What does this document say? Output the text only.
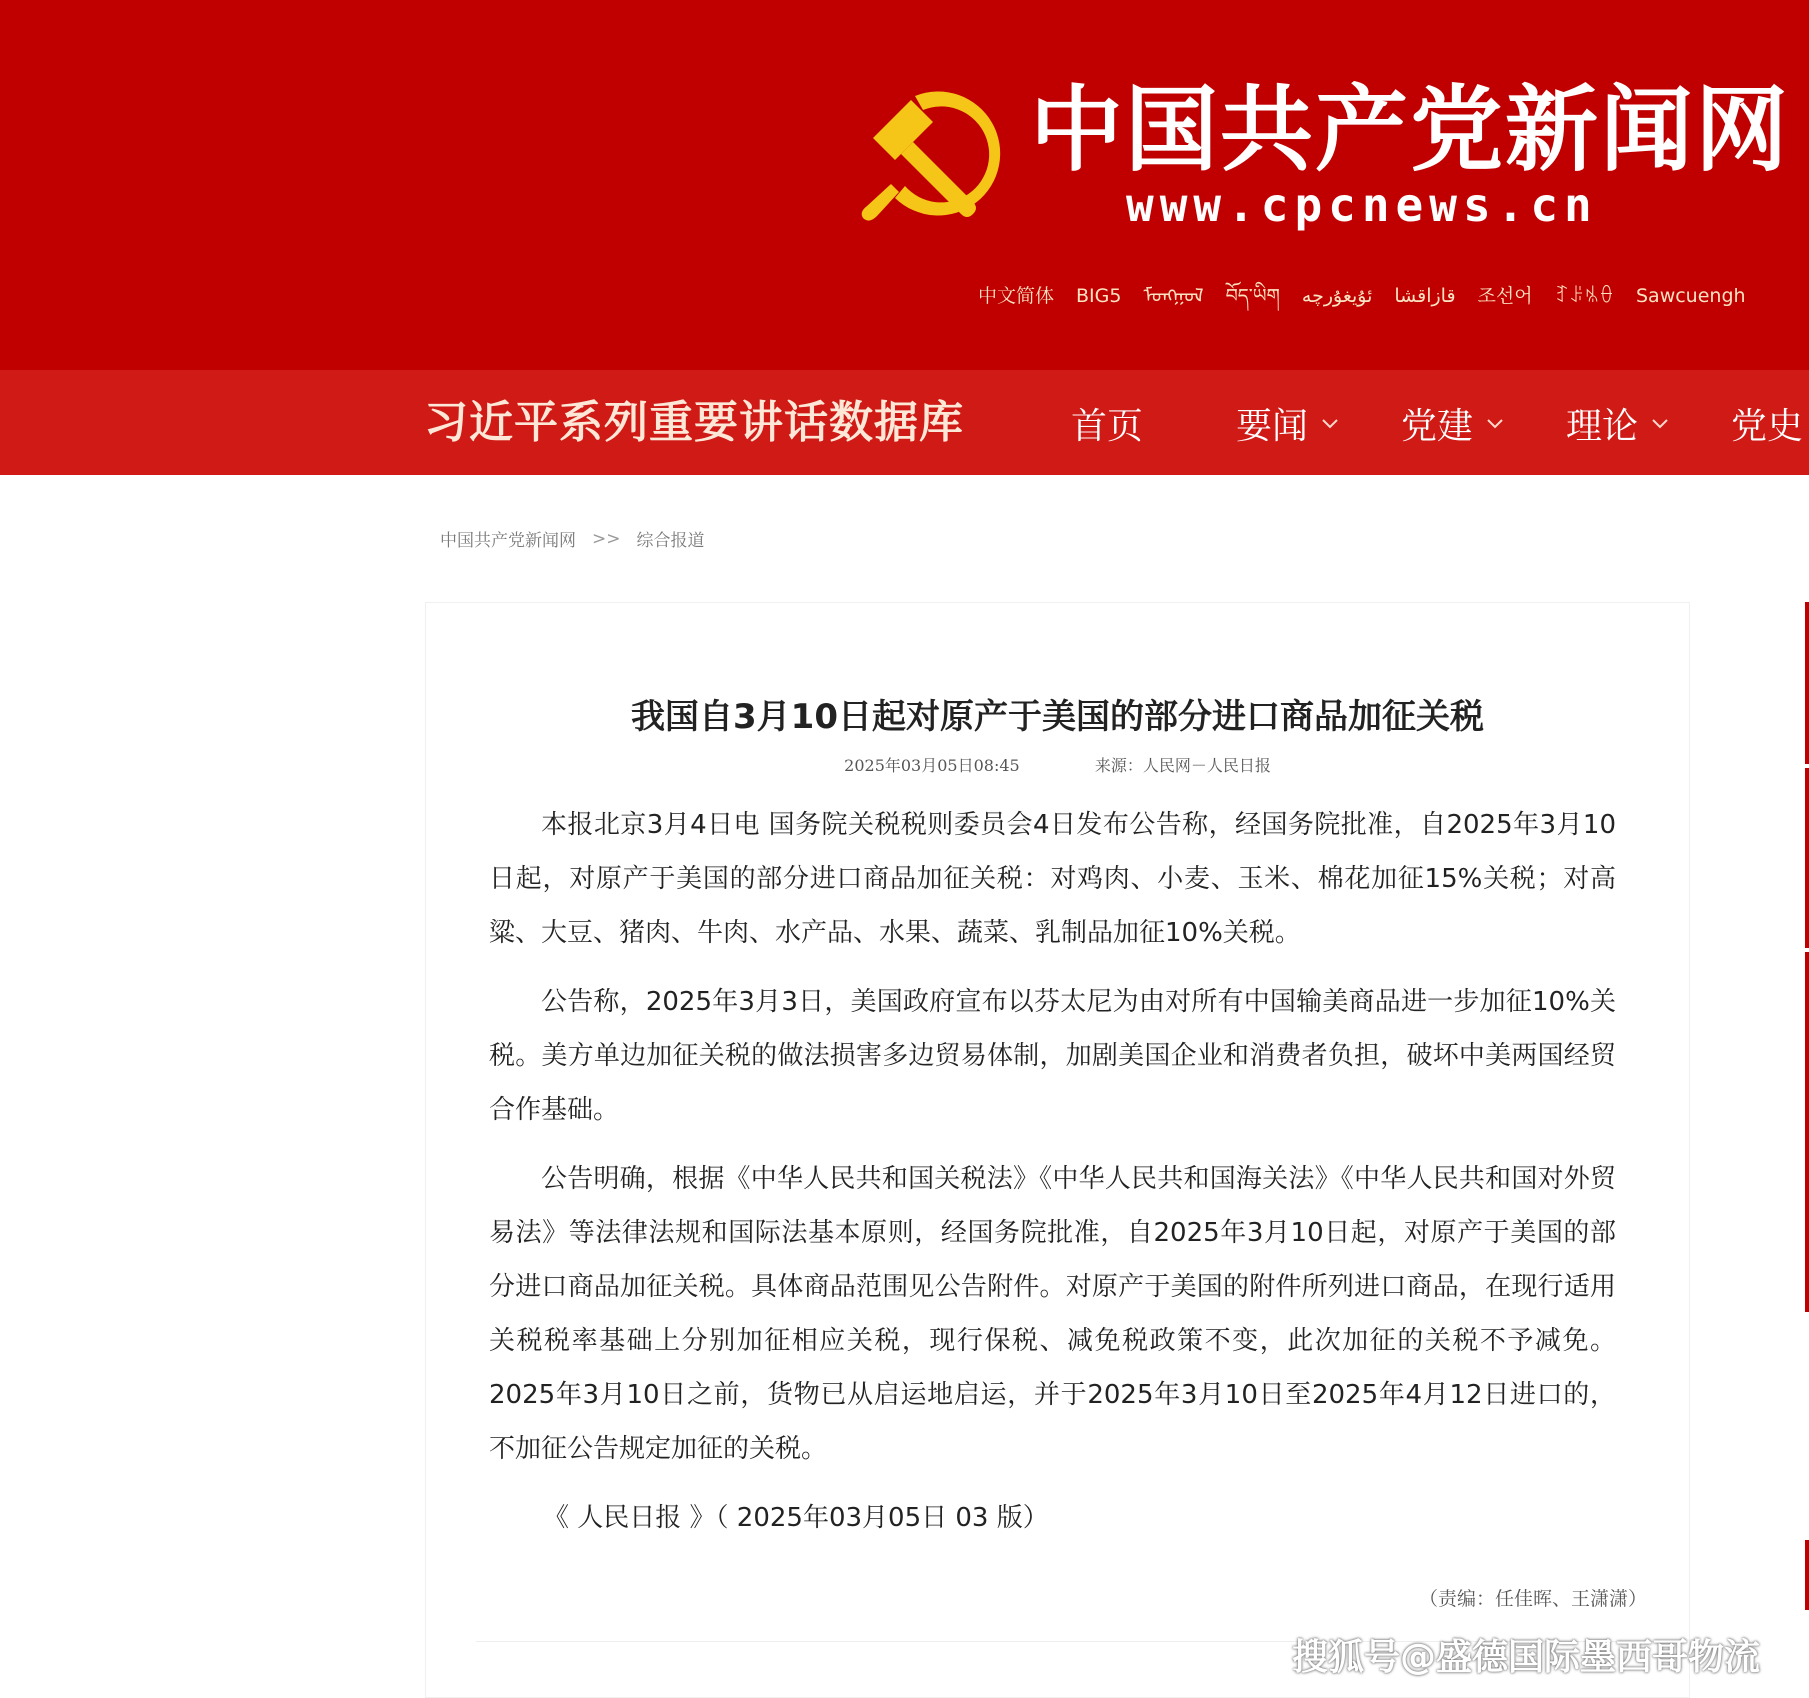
中国共产党新闻网
www.cpcnews.cn
中文简体 BIG5 ᠮᠣᠩᠭᠣᠯ བོད་ཡིག ئۇيغۇرچە قازاقشا 조선어 ꆈꌠꁱꂷ Sawcuengh
习近平系列重要讲话数据库	首页	要闻	党建	理论	党史
中国共产党新闻网 >> 综合报道
我国自3月10日起对原产于美国的部分进口商品加征关税
2025年03月05日08:45	来源：人民网－人民日报

本报北京3月4日电 国务院关税税则委员会4日发布公告称，经国务院批准，自2025年3月10日起，对原产于美国的部分进口商品加征关税：对鸡肉、小麦、玉米、棉花加征15%关税；对高粱、大豆、猪肉、牛肉、水产品、水果、蔬菜、乳制品加征10%关税。

公告称，2025年3月3日，美国政府宣布以芬太尼为由对所有中国输美商品进一步加征10%关税。美方单边加征关税的做法损害多边贸易体制，加剧美国企业和消费者负担，破坏中美两国经贸合作基础。

公告明确，根据《中华人民共和国关税法》《中华人民共和国海关法》《中华人民共和国对外贸易法》等法律法规和国际法基本原则，经国务院批准，自2025年3月10日起，对原产于美国的部分进口商品加征关税。具体商品范围见公告附件。对原产于美国的附件所列进口商品，在现行适用关税税率基础上分别加征相应关税，现行保税、减免税政策不变，此次加征的关税不予减免。2025年3月10日之前，货物已从启运地启运，并于2025年3月10日至2025年4月12日进口的，不加征公告规定加征的关税。

《 人民日报 》（ 2025年03月05日 03 版）

（责编：任佳晖、王潇潇）
搜狐号@盛德国际墨西哥物流
